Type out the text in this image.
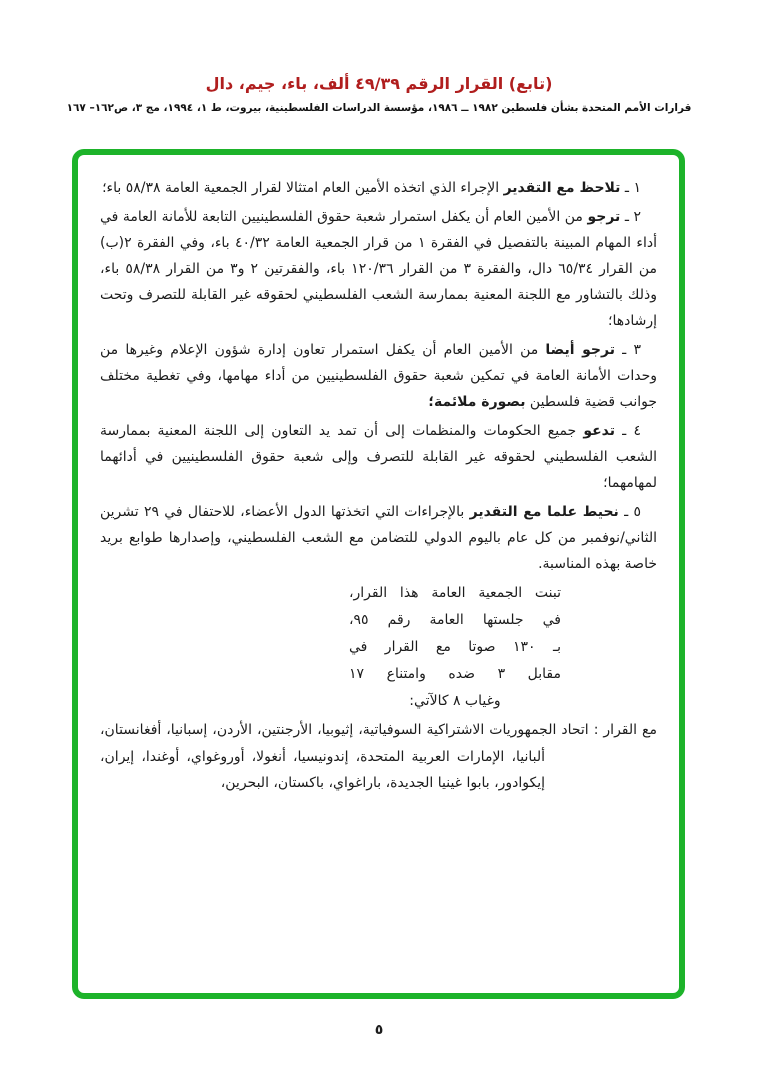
(تابع) القرار الرقم ٤٩/٣٩ ألف، باء، جيم، دال
قرارات الأمم المتحدة بشأن فلسطين ١٩٨٢ ــ ١٩٨٦، مؤسسة الدراسات الفلسطينية، بيروت، ط ١، ١٩٩٤، مج ٣، ص١٦٢– ١٦٧
١ ـ تلاحظ مع التقدير الإجراء الذي اتخذه الأمين العام امتثالا لقرار الجمعية العامة ٥٨/٣٨ باء؛
٢ ـ ترجو من الأمين العام أن يكفل استمرار شعبة حقوق الفلسطينيين التابعة للأمانة العامة في أداء المهام المبينة بالتفصيل في الفقرة ١ من قرار الجمعية العامة ٤٠/٣٢ باء، وفي الفقرة ٢(ب) من القرار ٦٥/٣٤ دال، والفقرة ٣ من القرار ١٢٠/٣٦ باء، والفقرتين ٢ و٣ من القرار ٥٨/٣٨ باء، وذلك بالتشاور مع اللجنة المعنية بممارسة الشعب الفلسطيني لحقوقه غير القابلة للتصرف وتحت إرشادها؛
٣ ـ ترجو أيضا من الأمين العام أن يكفل استمرار تعاون إدارة شؤون الإعلام وغيرها من وحدات الأمانة العامة في تمكين شعبة حقوق الفلسطينيين من أداء مهامها، وفي تغطية مختلف جوانب قضية فلسطين بصورة ملائمة؛
٤ ـ تدعو جميع الحكومات والمنظمات إلى أن تمد يد التعاون إلى اللجنة المعنية بممارسة الشعب الفلسطيني لحقوقه غير القابلة للتصرف وإلى شعبة حقوق الفلسطينيين في أدائهما لمهامهما؛
٥ ـ نحيط علما مع التقدير بالإجراءات التي اتخذتها الدول الأعضاء، للاحتفال في ٢٩ تشرين الثاني/نوفمبر من كل عام باليوم الدولي للتضامن مع الشعب الفلسطيني، وإصدارها طوابع بريد خاصة بهذه المناسبة.
تبنت الجمعية العامة هذا القرار،
في جلستها العامة رقم ٩٥،
بـ ١٣٠ صوتا مع القرار في
مقابل ٣ ضده وامتناع ١٧
وغياب ٨ كالآتي:
مع القرار : اتحاد الجمهوريات الاشتراكية السوفياتية، إثيوبيا، الأرجنتين، الأردن، إسبانيا، أفغانستان، ألبانيا، الإمارات العربية المتحدة، إندونيسيا، أنغولا، أوروغواي، أوغندا، إيران، إيكوادور، بابوا غينيا الجديدة، باراغواي، باكستان، البحرين،
٥
